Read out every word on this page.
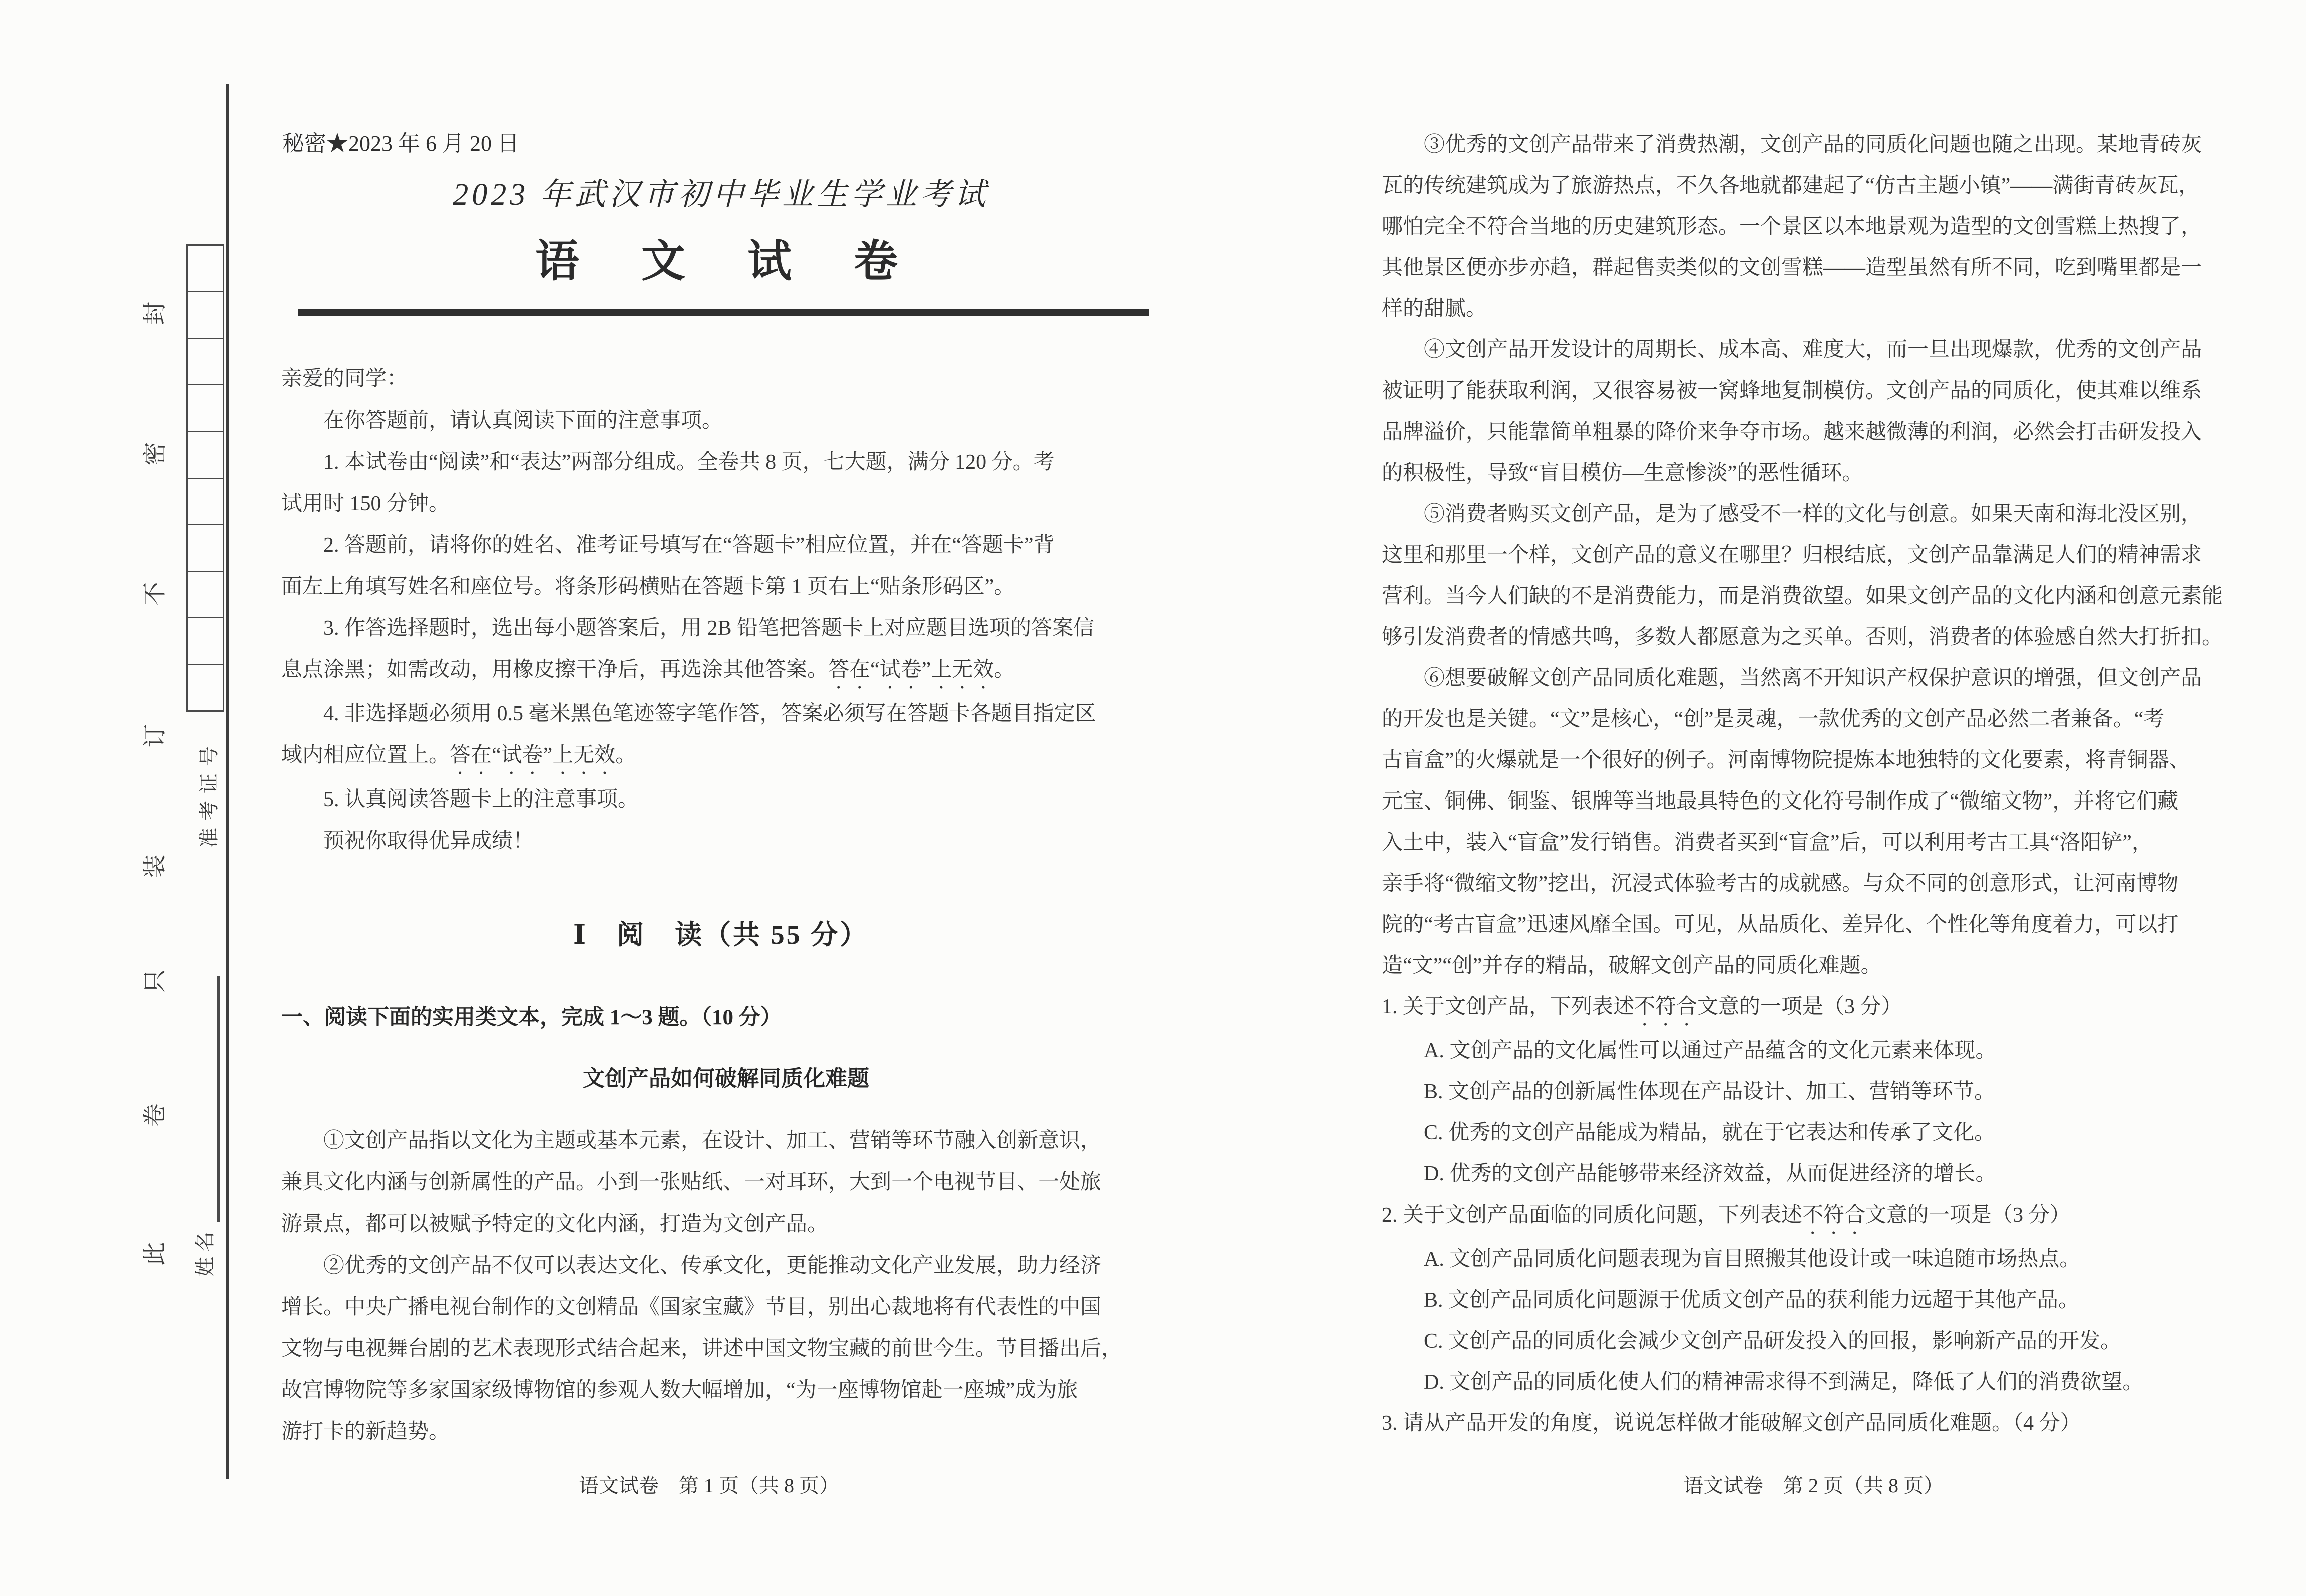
封
密
不
订
装
只
卷
此
准考证号
姓名
秘密★2023 年 6 月 20 日
2023 年武汉市初中毕业生学业考试
语　文　试　卷
亲爱的同学：
在你答题前，请认真阅读下面的注意事项。
1. 本试卷由“阅读”和“表达”两部分组成。全卷共 8 页，七大题，满分 120 分。考
试用时 150 分钟。
2. 答题前，请将你的姓名、准考证号填写在“答题卡”相应位置，并在“答题卡”背
面左上角填写姓名和座位号。将条形码横贴在答题卡第 1 页右上“贴条形码区”。
3. 作答选择题时，选出每小题答案后，用 2B 铅笔把答题卡上对应题目选项的答案信
息点涂黑；如需改动，用橡皮擦干净后，再选涂其他答案。答在“试卷”上无效。
4. 非选择题必须用 0.5 毫米黑色笔迹签字笔作答，答案必须写在答题卡各题目指定区
域内相应位置上。答在“试卷”上无效。
5. 认真阅读答题卡上的注意事项。
预祝你取得优异成绩！
Ⅰ　阅　读（共 55 分）
一、阅读下面的实用类文本，完成 1～3 题。（10 分）
文创产品如何破解同质化难题
①文创产品指以文化为主题或基本元素，在设计、加工、营销等环节融入创新意识，
兼具文化内涵与创新属性的产品。小到一张贴纸、一对耳环，大到一个电视节目、一处旅
游景点，都可以被赋予特定的文化内涵，打造为文创产品。
②优秀的文创产品不仅可以表达文化、传承文化，更能推动文化产业发展，助力经济
增长。中央广播电视台制作的文创精品《国家宝藏》节目，别出心裁地将有代表性的中国
文物与电视舞台剧的艺术表现形式结合起来，讲述中国文物宝藏的前世今生。节目播出后，
故宫博物院等多家国家级博物馆的参观人数大幅增加，“为一座博物馆赴一座城”成为旅
游打卡的新趋势。
语文试卷　第 1 页（共 8 页）
③优秀的文创产品带来了消费热潮，文创产品的同质化问题也随之出现。某地青砖灰
瓦的传统建筑成为了旅游热点，不久各地就都建起了“仿古主题小镇”——满街青砖灰瓦，
哪怕完全不符合当地的历史建筑形态。一个景区以本地景观为造型的文创雪糕上热搜了，
其他景区便亦步亦趋，群起售卖类似的文创雪糕——造型虽然有所不同，吃到嘴里都是一
样的甜腻。
④文创产品开发设计的周期长、成本高、难度大，而一旦出现爆款，优秀的文创产品
被证明了能获取利润，又很容易被一窝蜂地复制模仿。文创产品的同质化，使其难以维系
品牌溢价，只能靠简单粗暴的降价来争夺市场。越来越微薄的利润，必然会打击研发投入
的积极性，导致“盲目模仿—生意惨淡”的恶性循环。
⑤消费者购买文创产品，是为了感受不一样的文化与创意。如果天南和海北没区别，
这里和那里一个样，文创产品的意义在哪里？归根结底，文创产品靠满足人们的精神需求
营利。当今人们缺的不是消费能力，而是消费欲望。如果文创产品的文化内涵和创意元素能
够引发消费者的情感共鸣，多数人都愿意为之买单。否则，消费者的体验感自然大打折扣。
⑥想要破解文创产品同质化难题，当然离不开知识产权保护意识的增强，但文创产品
的开发也是关键。“文”是核心，“创”是灵魂，一款优秀的文创产品必然二者兼备。“考
古盲盒”的火爆就是一个很好的例子。河南博物院提炼本地独特的文化要素，将青铜器、
元宝、铜佛、铜鉴、银牌等当地最具特色的文化符号制作成了“微缩文物”，并将它们藏
入土中，装入“盲盒”发行销售。消费者买到“盲盒”后，可以利用考古工具“洛阳铲”，
亲手将“微缩文物”挖出，沉浸式体验考古的成就感。与众不同的创意形式，让河南博物
院的“考古盲盒”迅速风靡全国。可见，从品质化、差异化、个性化等角度着力，可以打
造“文”“创”并存的精品，破解文创产品的同质化难题。
1. 关于文创产品，下列表述不符合文意的一项是（3 分）
A. 文创产品的文化属性可以通过产品蕴含的文化元素来体现。
B. 文创产品的创新属性体现在产品设计、加工、营销等环节。
C. 优秀的文创产品能成为精品，就在于它表达和传承了文化。
D. 优秀的文创产品能够带来经济效益，从而促进经济的增长。
2. 关于文创产品面临的同质化问题，下列表述不符合文意的一项是（3 分）
A. 文创产品同质化问题表现为盲目照搬其他设计或一味追随市场热点。
B. 文创产品同质化问题源于优质文创产品的获利能力远超于其他产品。
C. 文创产品的同质化会减少文创产品研发投入的回报，影响新产品的开发。
D. 文创产品的同质化使人们的精神需求得不到满足，降低了人们的消费欲望。
3. 请从产品开发的角度，说说怎样做才能破解文创产品同质化难题。（4 分）
语文试卷　第 2 页（共 8 页）
